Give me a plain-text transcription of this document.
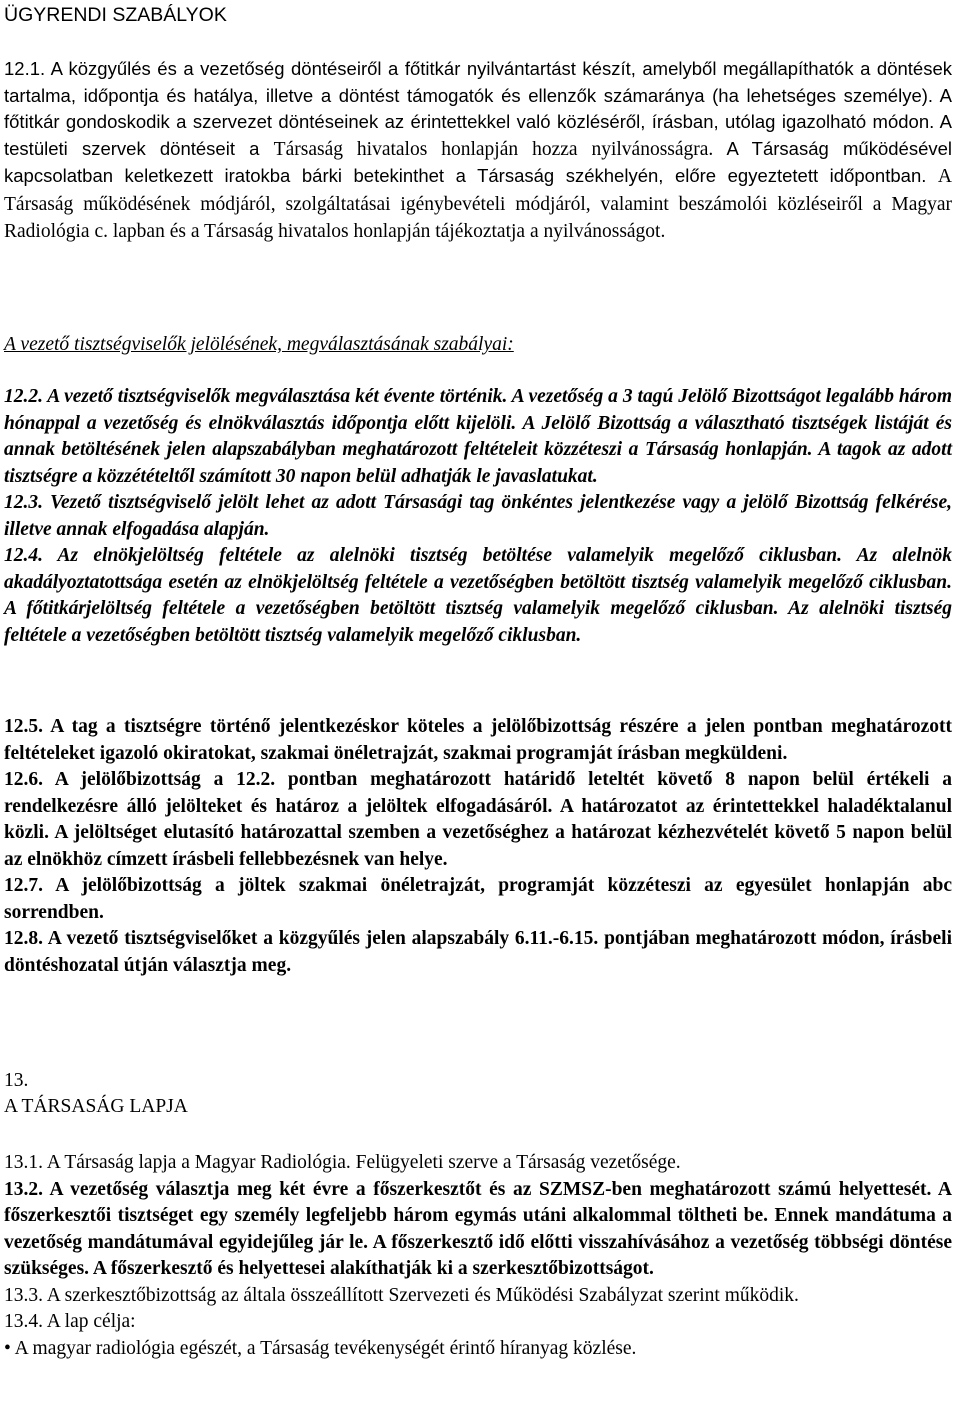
ÜGYRENDI SZABÁLYOK

12.1. A közgyűlés és a vezetőség döntéseiről a főtitkár nyilvántartást készít, amelyből megállapíthatók a döntések tartalma, időpontja és hatálya, illetve a döntést támogatók és ellenzők számaránya (ha lehetséges személye). A főtitkár gondoskodik a szervezet döntéseinek az érintettekkel való közléséről, írásban, utólag igazolható módon. A testületi szervek döntéseit a Társaság hivatalos honlapján hozza nyilvánosságra. A Társaság működésével kapcsolatban keletkezett iratokba bárki betekinthet a Társaság székhelyén, előre egyeztetett időpontban. A Társaság működésének módjáról, szolgáltatásai igénybevételi módjáról, valamint beszámolói közléseiről a Magyar Radiológia c. lapban és a Társaság hivatalos honlapján tájékoztatja a nyilvánosságot.

A vezető tisztségviselők jelölésének, megválasztásának szabályai:

12.2. A vezető tisztségviselők megválasztása két évente történik. A vezetőség a 3 tagú Jelölő Bizottságot legalább három hónappal a vezetőség és elnökválasztás időpontja előtt kijelöli. A Jelölő Bizottság a választható tisztségek listáját és annak betöltésének jelen alapszabályban meghatározott feltételeit közzéteszi a Társaság honlapján. A tagok az adott tisztségre a közzétételtől számított 30 napon belül adhatják le javaslatukat.

12.3. Vezető tisztségviselő jelölt lehet az adott Társasági tag önkéntes jelentkezése vagy a jelölő Bizottság felkérése, illetve annak elfogadása alapján.

12.4. Az elnökjelöltség feltétele az alelnöki tisztség betöltése valamelyik megelőző ciklusban. Az alelnök akadályoztatottsága esetén az elnökjelöltség feltétele a vezetőségben betöltött tisztség valamelyik megelőző ciklusban. A főtitkárjelöltség feltétele a vezetőségben betöltött tisztség valamelyik megelőző ciklusban. Az alelnöki tisztség feltétele a vezetőségben betöltött tisztség valamelyik megelőző ciklusban.

12.5. A tag a tisztségre történő jelentkezéskor köteles a jelölőbizottság részére a jelen pontban meghatározott feltételeket igazoló okiratokat, szakmai önéletrajzát, szakmai programját írásban megküldeni.

12.6. A jelölőbizottság a 12.2. pontban meghatározott határidő leteltét követő 8 napon belül értékeli a rendelkezésre álló jelölteket és határoz a jelöltek elfogadásáról. A határozatot az érintettekkel haladéktalanul közli. A jelöltséget elutasító határozattal szemben a vezetőséghez a határozat kézhezvételét követő 5 napon belül az elnökhöz címzett írásbeli fellebbezésnek van helye.

12.7. A jelölőbizottság a jöltek szakmai önéletrajzát, programját közzéteszi az egyesület honlapján abc sorrendben.

12.8. A vezető tisztségviselőket a közgyűlés jelen alapszabály 6.11.-6.15. pontjában meghatározott módon, írásbeli döntéshozatal útján választja meg.

13.

A TÁRSASÁG LAPJA

13.1. A Társaság lapja a Magyar Radiológia. Felügyeleti szerve a Társaság vezetősége.

13.2. A vezetőség választja meg két évre a főszerkesztőt és az SZMSZ-ben meghatározott számú helyettesét. A főszerkesztői tisztséget egy személy legfeljebb három egymás utáni alkalommal töltheti be. Ennek mandátuma a vezetőség mandátumával egyidejűleg jár le. A főszerkesztő idő előtti visszahívásához a vezetőség többségi döntése szükséges. A főszerkesztő és helyettesei alakíthatják ki a szerkesztőbizottságot.

13.3. A szerkesztőbizottság az általa összeállított Szervezeti és Működési Szabályzat szerint működik.

13.4. A lap célja:

• A magyar radiológia egészét, a Társaság tevékenységét érintő híranyag közlése.
